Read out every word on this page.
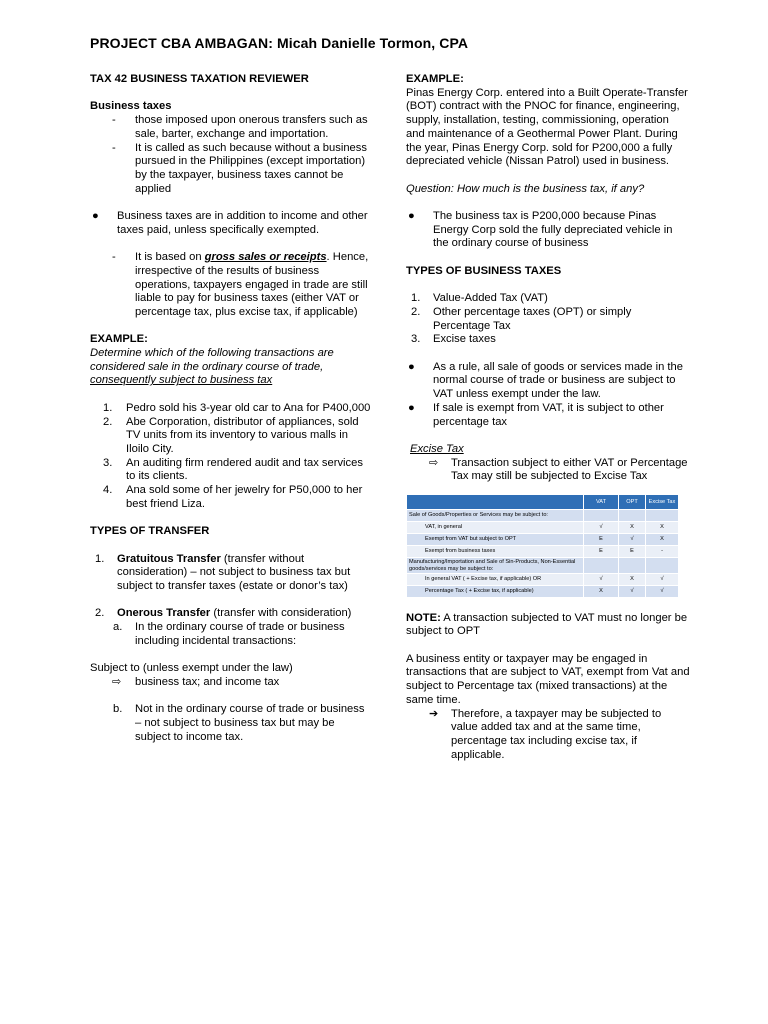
PROJECT CBA AMBAGAN: Micah Danielle Tormon, CPA

TAX 42 BUSINESS TAXATION REVIEWER

Business taxes

-	those imposed upon onerous transfers such as sale, barter, exchange and importation.
-	It is called as such because without a business pursued in the Philippines (except importation) by the taxpayer, business taxes cannot be applied
●	Business taxes are in addition to income and other taxes paid, unless specifically exempted.
-	It is based on gross sales or receipts. Hence, irrespective of the results of business operations, taxpayers engaged in trade are still liable to pay for business taxes (either VAT or percentage tax, plus excise tax, if applicable)

EXAMPLE:

Determine which of the following transactions are considered sale in the ordinary course of trade, consequently subject to business tax

1.	Pedro sold his 3-year old car to Ana for P400,000
2.	Abe Corporation, distributor of appliances, sold TV units from its inventory to various malls in Iloilo City.
3.	An auditing firm rendered audit and tax services to its clients.
4.	Ana sold some of her jewelry for P50,000 to her best friend Liza.

TYPES OF TRANSFER

1.	Gratuitous Transfer (transfer without consideration) – not subject to business tax but subject to transfer taxes (estate or donor’s tax)
2.	Onerous Transfer (transfer with consideration)
a.	In the ordinary course of trade or business including incidental transactions:

Subject to (unless exempt under the law)

⇨	business tax; and income tax
b.	Not in the ordinary course of trade or business – not subject to business tax but may be subject to income tax.

EXAMPLE:

Pinas Energy Corp. entered into a Built Operate-Transfer (BOT) contract with the PNOC for finance, engineering, supply, installation, testing, commissioning, operation and maintenance of a Geothermal Power Plant. During the year, Pinas Energy Corp. sold for P200,000 a fully depreciated vehicle (Nissan Patrol) used in business.

Question: How much is the business tax, if any?

●	The business tax is P200,000 because Pinas Energy Corp sold the fully depreciated vehicle in the ordinary course of business

TYPES OF BUSINESS TAXES

1.	Value-Added Tax (VAT)
2.	Other percentage taxes (OPT) or simply Percentage Tax
3.	Excise taxes
●	As a rule, all sale of goods or services made in the normal course of trade or business are subject to VAT unless exempt under the law.
●	If sale is exempt from VAT, it is subject to other percentage tax

Excise Tax

⇨	Transaction subject to either VAT or Percentage Tax may still be subjected to Excise Tax
	VAT	OPT	Excise Tax
Sale of Goods/Properties or Services may be subject to:			
VAT, in general	√	X	X
Exempt from VAT but subject to OPT	E	√	X
Exempt from business taxes	E	E	-
Manufacturing/Importation and Sale of Sin-Products, Non-Essential goods/services may be subject to:			
In general VAT ( + Excise tax, if applicable) OR	√	X	√
Percentage Tax ( + Excise tax, if applicable)	X	√	√

NOTE: A transaction subjected to VAT must no longer be subject to OPT

A business entity or taxpayer may be engaged in transactions that are subject to VAT, exempt from Vat and subject to Percentage tax (mixed transactions) at the same time.

➔	Therefore, a taxpayer may be subjected to value added tax and at the same time, percentage tax including excise tax, if applicable.
